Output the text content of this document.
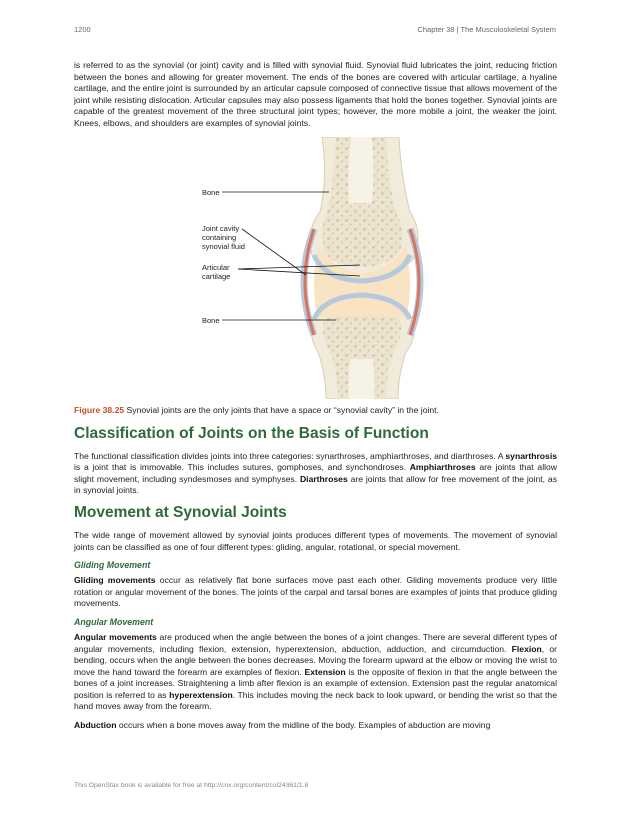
1200	Chapter 38 | The Musculoskeletal System

is referred to as the synovial (or joint) cavity and is filled with synovial fluid. Synovial fluid lubricates the joint, reducing friction between the bones and allowing for greater movement. The ends of the bones are covered with articular cartilage, a hyaline cartilage, and the entire joint is surrounded by an articular capsule composed of connective tissue that allows movement of the joint while resisting dislocation. Articular capsules may also possess ligaments that hold the bones together. Synovial joints are capable of the greatest movement of the three structural joint types; however, the more mobile a joint, the weaker the joint. Knees, elbows, and shoulders are examples of synovial joints.

Bone
Joint cavity
containing
synovial fluid
Articular
cartilage
Bone

Figure 38.25 Synovial joints are the only joints that have a space or “synovial cavity” in the joint.

Classification of Joints on the Basis of Function

The functional classification divides joints into three categories: synarthroses, amphiarthroses, and diarthroses. A synarthrosis is a joint that is immovable. This includes sutures, gomphoses, and synchondroses. Amphiarthroses are joints that allow slight movement, including syndesmoses and symphyses. Diarthroses are joints that allow for free movement of the joint, as in synovial joints.

Movement at Synovial Joints

The wide range of movement allowed by synovial joints produces different types of movements. The movement of synovial joints can be classified as one of four different types: gliding, angular, rotational, or special movement.

Gliding Movement

Gliding movements occur as relatively flat bone surfaces move past each other. Gliding movements produce very little rotation or angular movement of the bones. The joints of the carpal and tarsal bones are examples of joints that produce gliding movements.

Angular Movement

Angular movements are produced when the angle between the bones of a joint changes. There are several different types of angular movements, including flexion, extension, hyperextension, abduction, adduction, and circumduction. Flexion, or bending, occurs when the angle between the bones decreases. Moving the forearm upward at the elbow or moving the wrist to move the hand toward the forearm are examples of flexion. Extension is the opposite of flexion in that the angle between the bones of a joint increases. Straightening a limb after flexion is an example of extension. Extension past the regular anatomical position is referred to as hyperextension. This includes moving the neck back to look upward, or bending the wrist so that the hand moves away from the forearm.

Abduction occurs when a bone moves away from the midline of the body. Examples of abduction are moving

This OpenStax book is available for free at http://cnx.org/content/col24361/1.8
